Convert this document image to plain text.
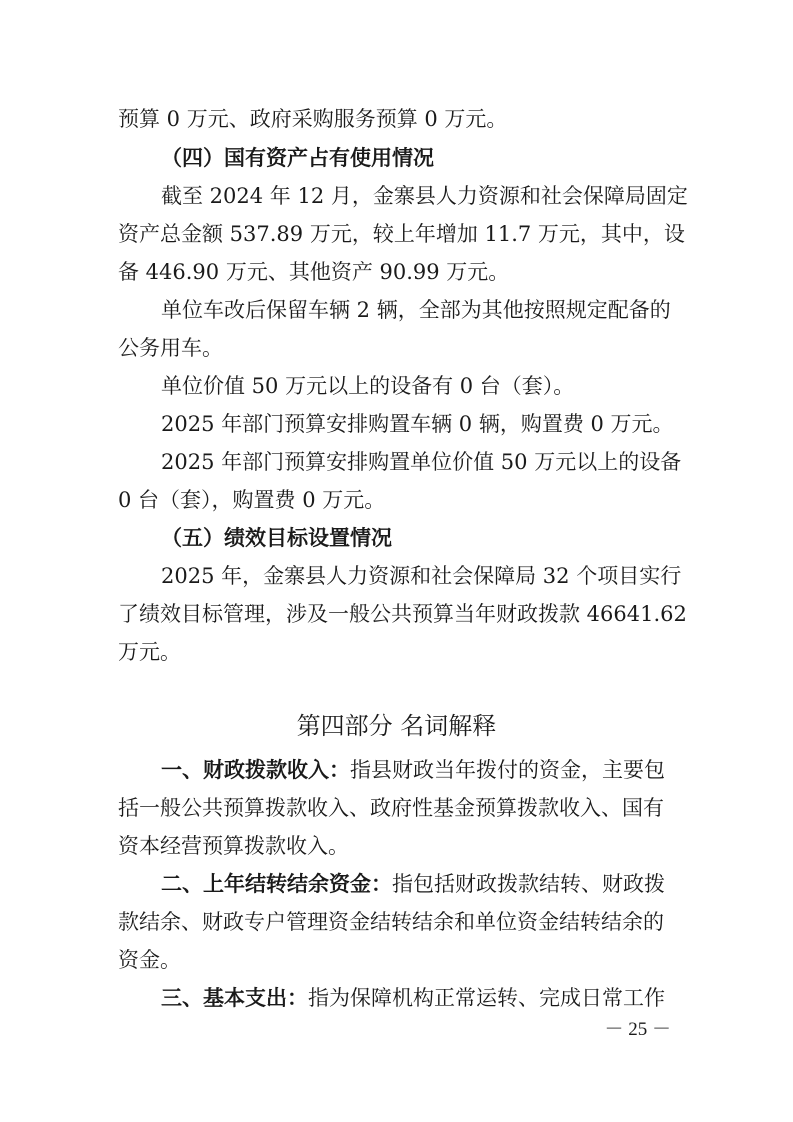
预算 0 万元、政府采购服务预算 0 万元。

（四）国有资产占有使用情况

截至 2024 年 12 月，金寨县人力资源和社会保障局固定

资产总金额 537.89 万元，较上年增加 11.7 万元，其中，设

备 446.90 万元、其他资产 90.99 万元。

单位车改后保留车辆 2 辆，全部为其他按照规定配备的

公务用车。

单位价值 50 万元以上的设备有 0 台（套）。

2025 年部门预算安排购置车辆 0 辆，购置费 0 万元。

2025 年部门预算安排购置单位价值 50 万元以上的设备

0 台（套），购置费 0 万元。

（五）绩效目标设置情况

2025 年，金寨县人力资源和社会保障局 32 个项目实行

了绩效目标管理，涉及一般公共预算当年财政拨款 46641.62

万元。

第四部分 名词解释

一、财政拨款收入：指县财政当年拨付的资金，主要包

括一般公共预算拨款收入、政府性基金预算拨款收入、国有

资本经营预算拨款收入。

二、上年结转结余资金：指包括财政拨款结转、财政拨

款结余、财政专户管理资金结转结余和单位资金结转结余的

资金。

三、基本支出：指为保障机构正常运转、完成日常工作

－ 25 －
